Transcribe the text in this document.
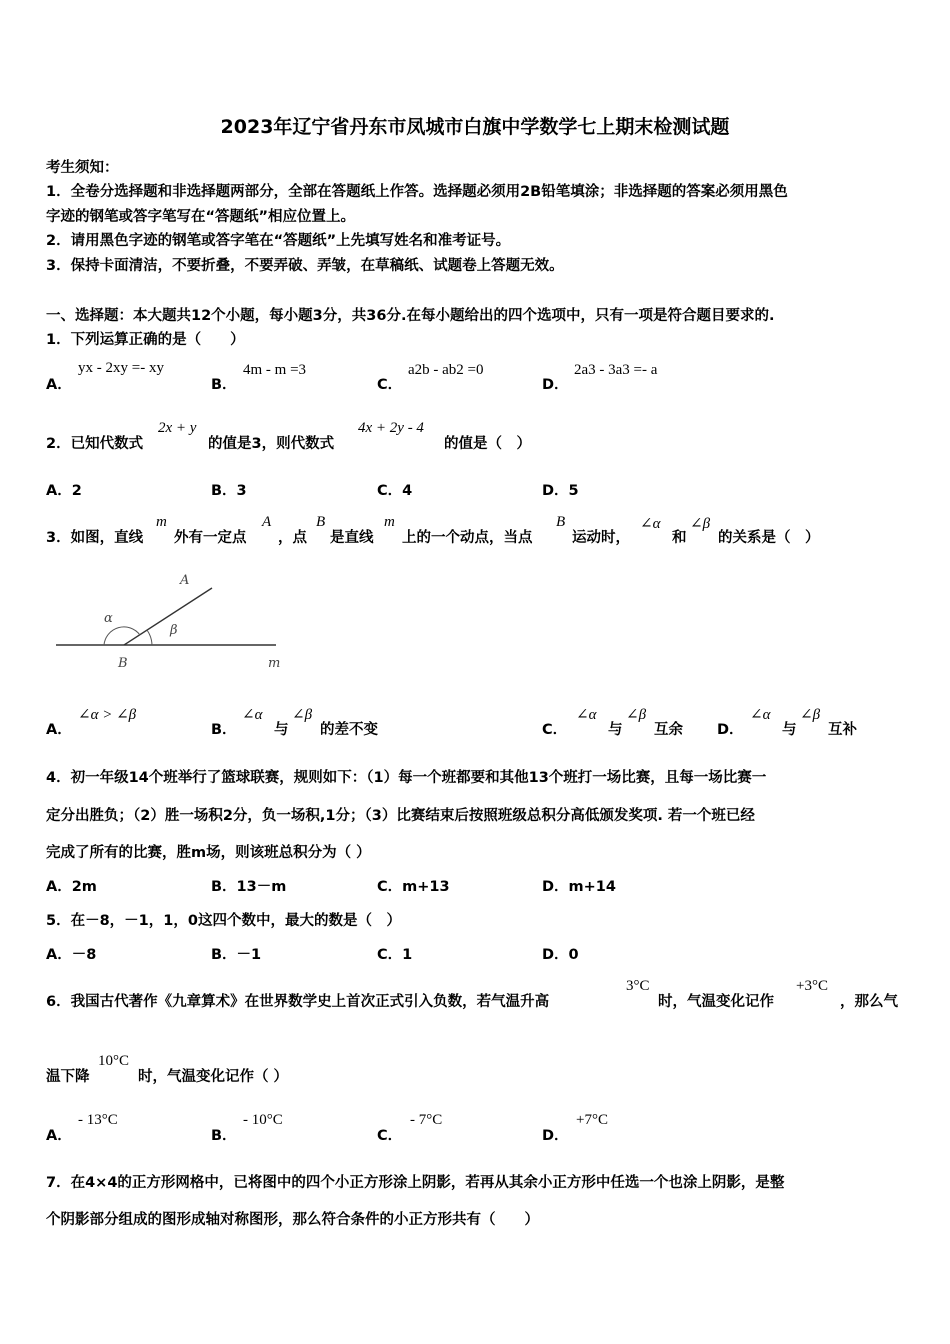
2023年辽宁省丹东市凤城市白旗中学数学七上期末检测试题
考生须知：
1．全卷分选择题和非选择题两部分，全部在答题纸上作答。选择题必须用2B铅笔填涂；非选择题的答案必须用黑色
字迹的钢笔或答字笔写在“答题纸”相应位置上。
2．请用黑色字迹的钢笔或答字笔在“答题纸”上先填写姓名和准考证号。
3．保持卡面清洁，不要折叠，不要弄破、弄皱，在草稿纸、试题卷上答题无效。
一、选择题：本大题共12个小题，每小题3分，共36分.在每小题给出的四个选项中，只有一项是符合题目要求的.
1．下列运算正确的是（　　）
A．
yx - 2xy =- xy
B．
4m - m =3
C．
a2b - ab2 =0
D．
2a3 - 3a3 =- a
2．已知代数式
2x + y
的值是3，则代数式
4x + 2y - 4
的值是（　）
A．2	B．3	C．4	D．5
3．如图，直线
m
外有一定点
A
，点
B
是直线
m
上的一个动点，当点
B
运动时，
∠α
和
∠β
的关系是（　）
A
B	m
α
β
A．
∠α > ∠β
B．
∠α
与
∠β
的差不变	C．
∠α
与
∠β
互余 D．
∠α
与
∠β
互补
4．初一年级14个班举行了篮球联赛，规则如下：（1）每一个班都要和其他13个班打一场比赛，且每一场比赛一
定分出胜负；（2）胜一场积2分，负一场积,1分；（3）比赛结束后按照班级总积分高低颁发奖项. 若一个班已经
完成了所有的比赛，胜m场，则该班总积分为（ ）
A．2m	B．13－m	C．m+13	D．m+14
5．在－8，－1，1，0这四个数中，最大的数是（　）
A．－8	B．－1	C．1	D．0
6．我国古代著作《九章算术》在世界数学史上首次正式引入负数，若气温升高
3°C
时，气温变化记作
+3°C
，那么气
温下降
10°C
时，气温变化记作（ ）
A．
- 13°C
B．
- 10°C
C．
- 7°C
D．
+7°C
7．在4×4的正方形网格中，已将图中的四个小正方形涂上阴影，若再从其余小正方形中任选一个也涂上阴影，是整
个阴影部分组成的图形成轴对称图形，那么符合条件的小正方形共有（　　）
